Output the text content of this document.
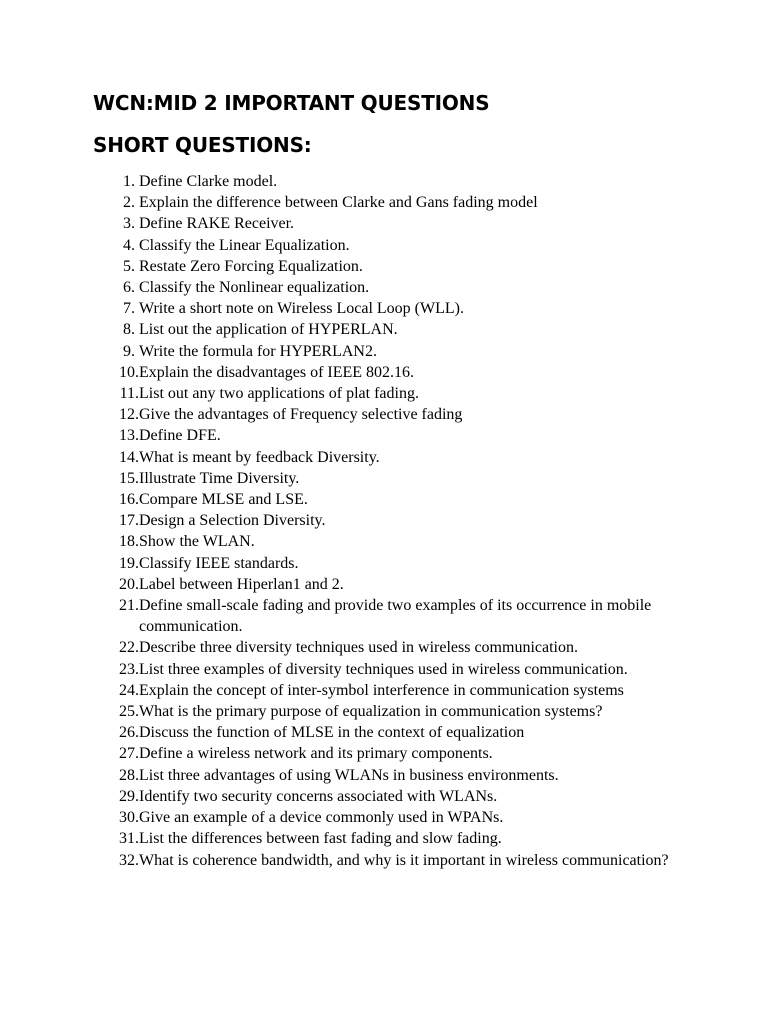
WCN:MID 2 IMPORTANT QUESTIONS
SHORT QUESTIONS:
1. Define Clarke model.
2. Explain the difference between Clarke and Gans fading model
3. Define RAKE Receiver.
4. Classify the Linear Equalization.
5. Restate Zero Forcing Equalization.
6. Classify the Nonlinear equalization.
7. Write a short note on Wireless Local Loop (WLL).
8. List out the application of HYPERLAN.
9. Write the formula for HYPERLAN2.
10. Explain the disadvantages of IEEE 802.16.
11. List out any two applications of plat fading.
12. Give the advantages of Frequency selective fading
13. Define DFE.
14. What is meant by feedback Diversity.
15. Illustrate Time Diversity.
16. Compare MLSE and LSE.
17. Design a Selection Diversity.
18. Show the WLAN.
19. Classify IEEE standards.
20. Label between Hiperlan1 and 2.
21. Define small-scale fading and provide two examples of its occurrence in mobile communication.
22. Describe three diversity techniques used in wireless communication.
23. List three examples of diversity techniques used in wireless communication.
24. Explain the concept of inter-symbol interference in communication systems
25. What is the primary purpose of equalization in communication systems?
26. Discuss the function of MLSE in the context of equalization
27. Define a wireless network and its primary components.
28. List three advantages of using WLANs in business environments.
29. Identify two security concerns associated with WLANs.
30. Give an example of a device commonly used in WPANs.
31. List the differences between fast fading and slow fading.
32. What is coherence bandwidth, and why is it important in wireless communication?
